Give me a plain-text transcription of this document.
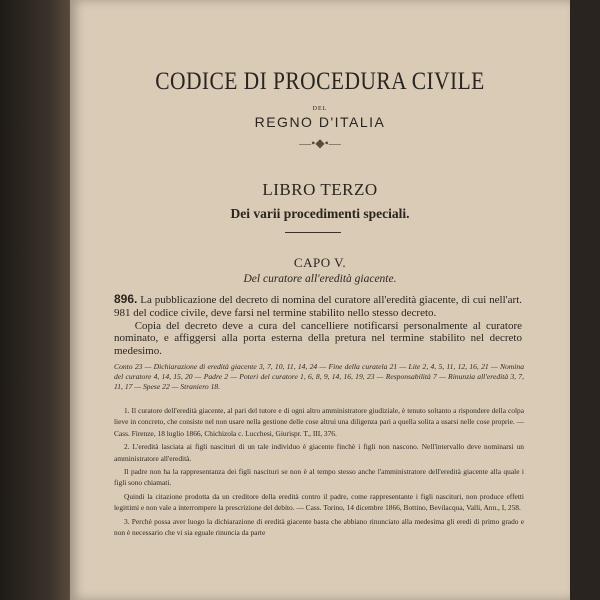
CODICE DI PROCEDURA CIVILE
DEL
REGNO D'ITALIA
—•◆•—
LIBRO TERZO
Dei varii procedimenti speciali.
CAPO V.
Del curatore all'eredità giacente.

896. La pubblicazione del decreto di nomina del curatore all'eredità giacente, di cui nell'art. 981 del codice civile, deve farsi nel termine stabilito nello stesso decreto.

Copia del decreto deve a cura del cancelliere notificarsi personalmente al curatore nominato, e affiggersi alla porta esterna della pretura nel termine stabilito nel decreto medesimo.

Conto 23 — Dichiarazione di eredità giacente 3, 7, 10, 11, 14, 24 — Fine della curatela 21 — Lite 2, 4, 5, 11, 12, 16, 21 — Nomina del curatore 4, 14, 15, 20 — Padre 2 — Poteri del curatore 1, 6, 8, 9, 14, 16, 19, 23 — Responsabilità 7 — Rinunzia all'eredità 3, 7, 11, 17 — Spese 22 — Straniero 18.

1. Il curatore dell'eredità giacente, al pari del tutore e di ogni altro amministratore giudiziale, è tenuto soltanto a rispondere della colpa lieve in concreto, che consiste nel non usare nella gestione delle cose altrui una diligenza pari a quella solita a usarsi nelle cose proprie. — Cass. Firenze, 18 luglio 1866, Chichizola c. Lucchesi, Giurispr. T., III, 376.

2. L'eredità lasciata ai figli nascituri di un tale individuo è giacente finchè i figli non nascono. Nell'intervallo deve nominarsi un amministratore all'eredità.

Il padre non ha la rappresentanza dei figli nascituri se non è al tempo stesso anche l'amministratore dell'eredità giacente alla quale i figli sono chiamati.

Quindi la citazione prodotta da un creditore della eredità contro il padre, come rappresentante i figli nascituri, non produce effetti legittimi e non vale a interrompere la prescrizione del debito. — Cass. Torino, 14 dicembre 1866, Bottino, Bevilacqua, Valli, Ann., I, 258.

3. Perchè possa aver luogo la dichiarazione di eredità giacente basta che abbiano rinunciato alla medesima gli eredi di primo grado e non è necessario che vi sia eguale rinuncia da parte
